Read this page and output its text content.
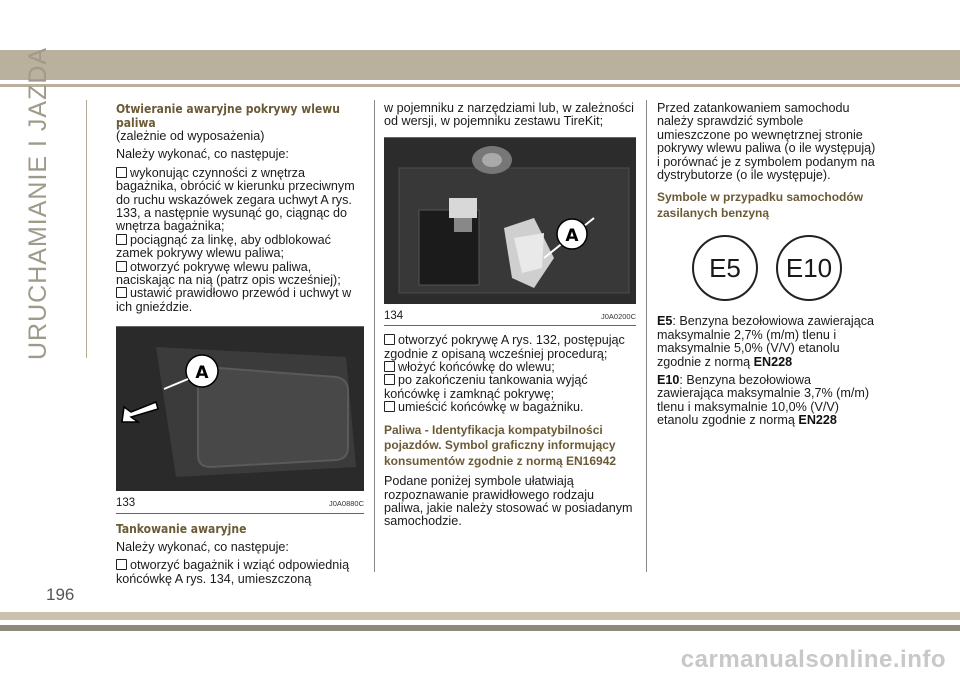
URUCHAMIANIE I JAZDA	Otwieranie awaryjne pokrywy wlewu paliwa

(zależnie od wyposażenia)

Należy wykonać, co następuje:

wykonując czynności z wnętrza bagażnika, obrócić w kierunku przeciwnym do ruchu wskazówek zegara uchwyt A rys. 133, a następnie wysunąć go, ciągnąc do wnętrza bagażnika;
pociągnąć za linkę, aby odblokować zamek pokrywy wlewu paliwa;
otworzyć pokrywę wlewu paliwa, naciskając na nią (patrz opis wcześniej);
ustawić prawidłowo przewód i uchwyt w ich gnieździe.
A
133	J0A0880C
Tankowanie awaryjne

Należy wykonać, co następuje:

otworzyć bagażnik i wziąć odpowiednią końcówkę A rys. 134, umieszczoną

w pojemniku z narzędziami lub, w zależności od wersji, w pojemniku zestawu TireKit;

A
134	J0A0200C
otworzyć pokrywę A rys. 132, postępując zgodnie z opisaną wcześniej procedurą;
włożyć końcówkę do wlewu;
po zakończeniu tankowania wyjąć końcówkę i zamknąć pokrywę;
umieścić końcówkę w bagażniku.
Paliwa - Identyfikacja kompatybilności pojazdów. Symbol graficzny informujący konsumentów zgodnie z normą EN16942

Podane poniżej symbole ułatwiają rozpoznawanie prawidłowego rodzaju paliwa, jakie należy stosować w posiadanym samochodzie.

Przed zatankowaniem samochodu należy sprawdzić symbole umieszczone po wewnętrznej stronie pokrywy wlewu paliwa (o ile występują) i porównać je z symbolem podanym na dystrybutorze (o ile występuje).

Symbole w przypadku samochodów zasilanych benzyną
E5	E10

E5: Benzyna bezołowiowa zawierająca maksymalnie 2,7% (m/m) tlenu i maksymalnie 5,0% (V/V) etanolu zgodnie z normą EN228

E10: Benzyna bezołowiowa zawierająca maksymalnie 3,7% (m/m) tlenu i maksymalnie 10,0% (V/V) etanolu zgodnie z normą EN228

196
carmanualsonline.info
